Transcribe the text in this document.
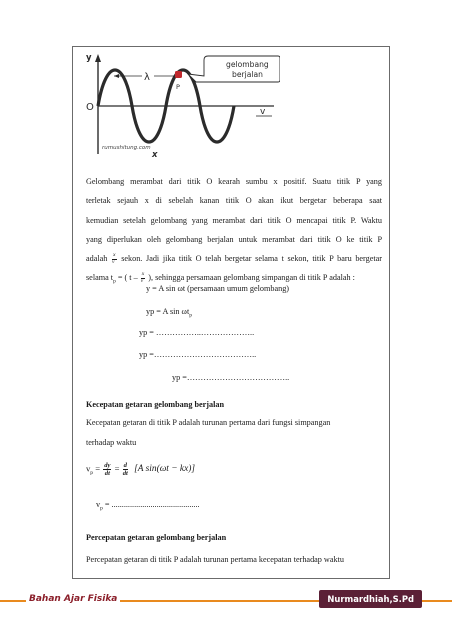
λ
P
gelombang
berjalan
y
O
x
rumushitung.com
v
Gelombang merambat dari titik O kearah sumbu x positif. Suatu titik P yang
terletak sejauh x di sebelah kanan titik O akan ikut bergetar beberapa saat
kemudian setelah gelombang yang merambat dari titik O mencapai titik P. Waktu
yang diperlukan oleh gelombang berjalan untuk merambat dari titik O ke titik P
adalah $\frac{x}{v}$ sekon. Jadi jika titik O telah bergetar selama t sekon, titik P baru bergetar
selama $t_p$ = ( t – $\frac{x}{v}$ ), sehingga persamaan gelombang simpangan di titik P adalah :
y = A sin ωt (persamaan umum gelombang)
yp = A $\sin \omega t_p$
yp = ……………..………………..
yp =………………………………..
yp =………………………………..
Kecepatan getaran gelombang berjalan
Kecepatan getaran di titik P adalah turunan pertama dari fungsi simpangan
terhadap waktu
$v_p = \frac{dy}{dt} = \frac{d}{dt} [A$ sin(ωt − kx)]
$v_p$ = ...........................................
Percepatan getaran gelombang berjalan
Percepatan getaran di titik P adalah turunan pertama kecepatan terhadap waktu
Bahan Ajar Fisika	Nurmardhiah,S.Pd
